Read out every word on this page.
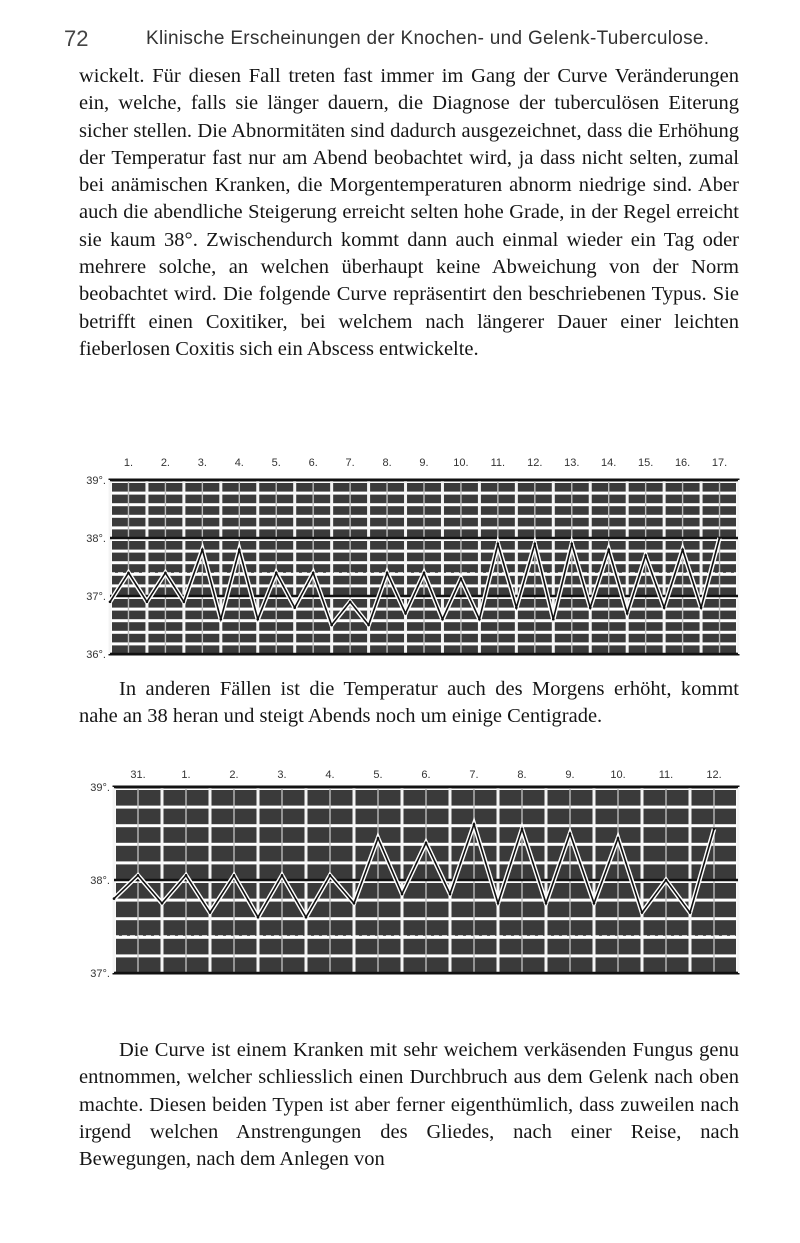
72	Klinische Erscheinungen der Knochen- und Gelenk-Tuberculose.

wickelt. Für diesen Fall treten fast immer im Gang der Curve Veränderungen ein, welche, falls sie länger dauern, die Diagnose der tuberculösen Eiterung sicher stellen. Die Abnormitäten sind dadurch ausgezeichnet, dass die Erhöhung der Temperatur fast nur am Abend beobachtet wird, ja dass nicht selten, zumal bei anämischen Kranken, die Morgentemperaturen abnorm niedrige sind. Aber auch die abendliche Steigerung erreicht selten hohe Grade, in der Regel erreicht sie kaum 38°. Zwischendurch kommt dann auch einmal wieder ein Tag oder mehrere solche, an welchen überhaupt keine Abweichung von der Norm beobachtet wird. Die folgende Curve repräsentirt den beschriebenen Typus. Sie betrifft einen Coxitiker, bei welchem nach längerer Dauer einer leichten fieberlosen Coxitis sich ein Abscess entwickelte.

1.	2.	3.	4.	5.	6.	7.	8.	9. 10. 11. 12. 13. 14. 15. 16. 17.
39°.
38°.
37°.
36°.

In anderen Fällen ist die Temperatur auch des Morgens erhöht, kommt nahe an 38 heran und steigt Abends noch um einige Centigrade.

31.	1.	2.	3.	4.	5.	6.	7.	8.	9.	10.	11.	12.
39°.
38°.
37°.

Die Curve ist einem Kranken mit sehr weichem verkäsenden Fungus genu entnommen, welcher schliesslich einen Durchbruch aus dem Gelenk nach oben machte. Diesen beiden Typen ist aber ferner eigenthümlich, dass zuweilen nach irgend welchen Anstrengungen des Gliedes, nach einer Reise, nach Bewegungen, nach dem Anlegen von
